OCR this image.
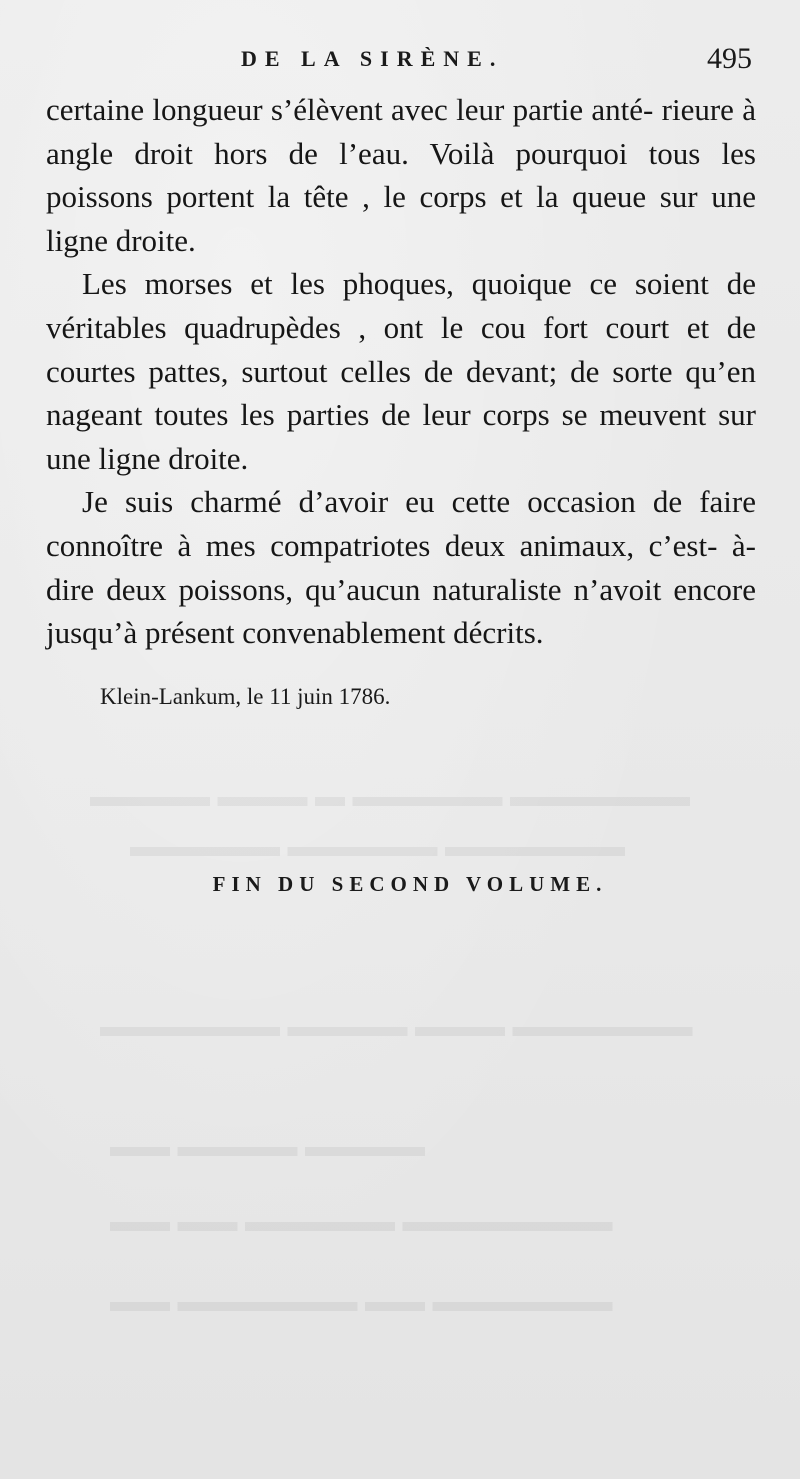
▬▬▬▬ ▬▬▬ ▬ ▬▬▬▬▬ ▬▬▬▬▬▬
▬▬▬▬▬ ▬▬▬▬▬ ▬▬▬▬▬▬
▬▬▬▬▬▬ ▬▬▬▬ ▬▬▬ ▬▬▬▬▬▬
▬▬ ▬▬▬▬ ▬▬▬▬
▬▬ ▬▬ ▬▬▬▬▬ ▬▬▬▬▬▬▬
▬▬ ▬▬▬▬▬▬ ▬▬ ▬▬▬▬▬▬
DE LA SIRÈNE.	495

certaine longueur s’élèvent avec leur partie anté- rieure à angle droit hors de l’eau. Voilà pourquoi tous les poissons portent la tête , le corps et la queue sur une ligne droite.

Les morses et les phoques, quoique ce soient de véritables quadrupèdes , ont le cou fort court et de courtes pattes, surtout celles de devant; de sorte qu’en nageant toutes les parties de leur corps se meuvent sur une ligne droite.

Je suis charmé d’avoir eu cette occasion de faire connoître à mes compatriotes deux animaux, c’est- à-dire deux poissons, qu’aucun naturaliste n’avoit encore jusqu’à présent convenablement décrits.

Klein-Lankum, le 11 juin 1786.
FIN DU SECOND VOLUME.
